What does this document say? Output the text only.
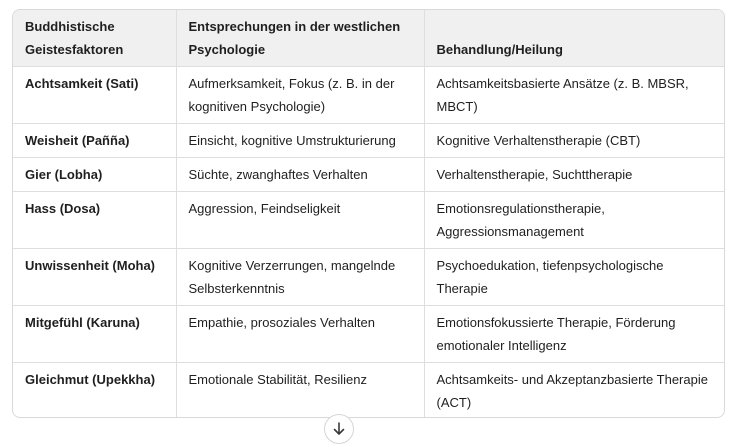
Buddhistische Geistesfaktoren	Entsprechungen in der westlichen Psychologie	Behandlung/Heilung
Achtsamkeit (Sati)	Aufmerksamkeit, Fokus (z. B. in der kognitiven Psychologie)	Achtsamkeitsbasierte Ansätze (z. B. MBSR, MBCT)
Weisheit (Pañña)	Einsicht, kognitive Umstrukturierung	Kognitive Verhaltenstherapie (CBT)
Gier (Lobha)	Süchte, zwanghaftes Verhalten	Verhaltenstherapie, Suchttherapie
Hass (Dosa)	Aggression, Feindseligkeit	Emotionsregulationstherapie, Aggressionsmanagement
Unwissenheit (Moha)	Kognitive Verzerrungen, mangelnde Selbsterkenntnis	Psychoedukation, tiefenpsychologische Therapie
Mitgefühl (Karuna)	Empathie, prosoziales Verhalten	Emotionsfokussierte Therapie, Förderung emotionaler Intelligenz
Gleichmut (Upekkha)	Emotionale Stabilität, Resilienz	Achtsamkeits- und Akzeptanzbasierte Therapie (ACT)
